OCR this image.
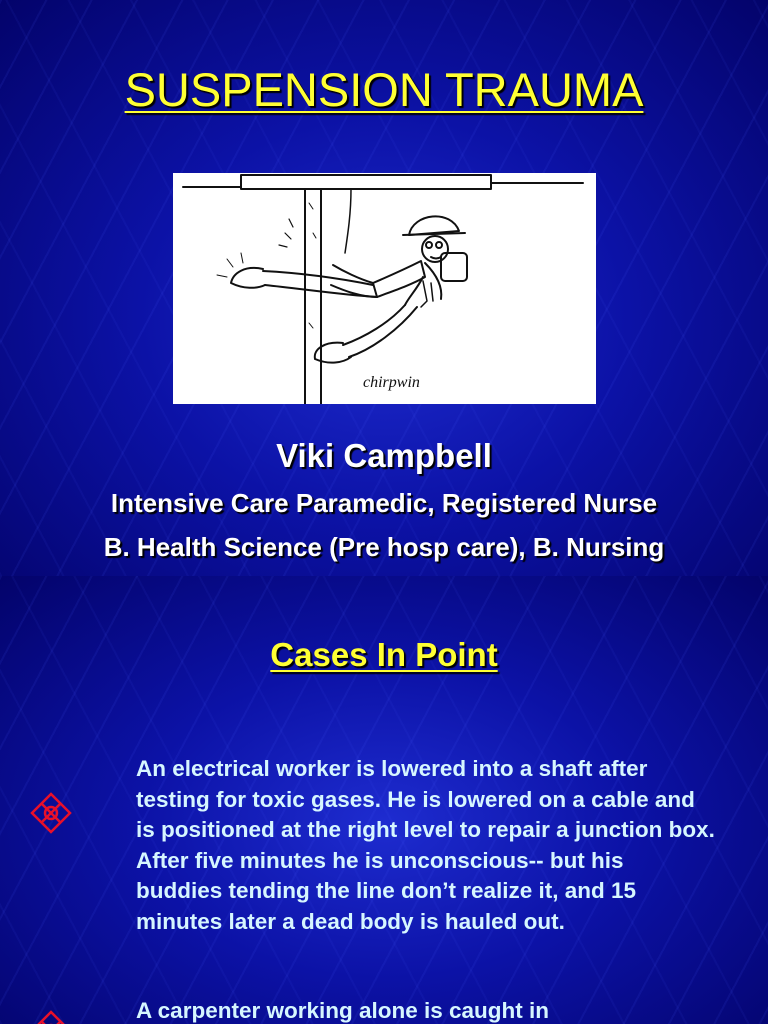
SUSPENSION TRAUMA
chirpwin
Viki Campbell
Intensive Care Paramedic, Registered Nurse
B. Health Science (Pre hosp care), B. Nursing
Cases In Point
An electrical worker is lowered into a shaft after testing for toxic gases. He is lowered on a cable and is positioned at the right level to repair a junction box. After five minutes he is unconscious-- but his buddies tending the line don’t realize it, and 15 minutes later a dead body is hauled out.
A carpenter working alone is caught in
